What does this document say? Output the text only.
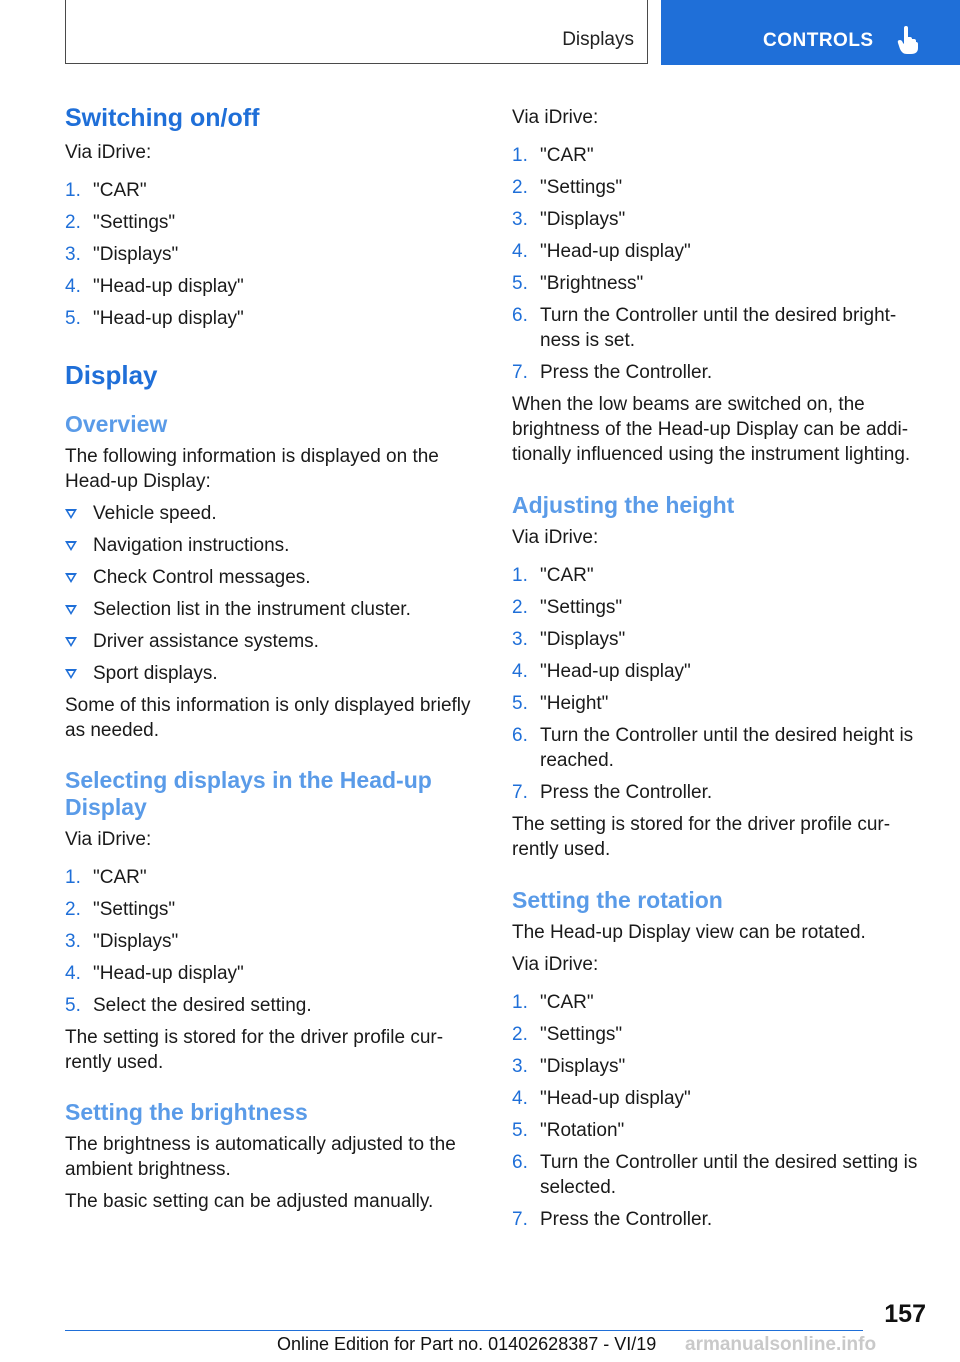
Displays	CONTROLS
Switching on/off

Via iDrive:

1. "CAR"
2. "Settings"
3. "Displays"
4. "Head-up display"
5. "Head-up display"
Display
Overview

The following information is displayed on the

Head-up Display:

Vehicle speed.
Navigation instructions.
Check Control messages.
Selection list in the instrument cluster.
Driver assistance systems.
Sport displays.

Some of this information is only displayed briefly

as needed.

Selecting displays in the Head-up
Display

Via iDrive:

1. "CAR"
2. "Settings"
3. "Displays"
4. "Head-up display"
5. Select the desired setting.

The setting is stored for the driver profile cur‐

rently used.

Setting the brightness

The brightness is automatically adjusted to the

ambient brightness.

The basic setting can be adjusted manually.

Via iDrive:

1. "CAR"
2. "Settings"
3. "Displays"
4. "Head-up display"
5. "Brightness"
6. Turn the Controller until the desired bright‐
ness is set.
7. Press the Controller.

When the low beams are switched on, the

brightness of the Head-up Display can be addi‐

tionally influenced using the instrument lighting.

Adjusting the height

Via iDrive:

1. "CAR"
2. "Settings"
3. "Displays"
4. "Head-up display"
5. "Height"
6. Turn the Controller until the desired height is
reached.
7. Press the Controller.

The setting is stored for the driver profile cur‐

rently used.

Setting the rotation

The Head-up Display view can be rotated.

Via iDrive:

1. "CAR"
2. "Settings"
3. "Displays"
4. "Head-up display"
5. "Rotation"
6. Turn the Controller until the desired setting is
selected.
7. Press the Controller.
157
Online Edition for Part no. 01402628387 - VI/19 armanualsonline.info
